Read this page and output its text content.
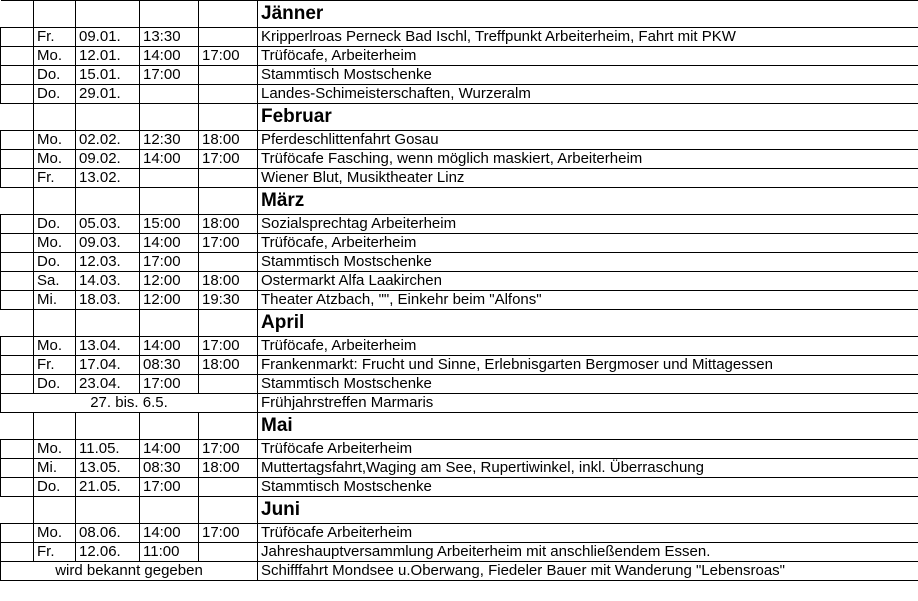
					Jänner
	Fr.	09.01.	13:30		Kripperlroas Perneck Bad Ischl, Treffpunkt Arbeiterheim, Fahrt mit PKW
	Mo.	12.01.	14:00	17:00	Trüföcafe, Arbeiterheim
	Do.	15.01.	17:00		Stammtisch Mostschenke
	Do.	29.01.			Landes-Schimeisterschaften, Wurzeralm
					Februar
	Mo.	02.02.	12:30	18:00	Pferdeschlittenfahrt Gosau
	Mo.	09.02.	14:00	17:00	Trüföcafe Fasching, wenn möglich maskiert, Arbeiterheim
	Fr.	13.02.			Wiener Blut, Musiktheater Linz
					März
	Do.	05.03.	15:00	18:00	Sozialsprechtag Arbeiterheim
	Mo.	09.03.	14:00	17:00	Trüföcafe, Arbeiterheim
	Do.	12.03.	17:00		Stammtisch Mostschenke
	Sa.	14.03.	12:00	18:00	Ostermarkt Alfa Laakirchen
	Mi.	18.03.	12:00	19:30	Theater Atzbach, "", Einkehr beim "Alfons"
					April
	Mo.	13.04.	14:00	17:00	Trüföcafe, Arbeiterheim
	Fr.	17.04.	08:30	18:00	Frankenmarkt: Frucht und Sinne, Erlebnisgarten Bergmoser und Mittagessen
	Do.	23.04.	17:00		Stammtisch Mostschenke
27. bis. 6.5.					Frühjahrstreffen Marmaris
					Mai
	Mo.	11.05.	14:00	17:00	Trüföcafe Arbeiterheim
	Mi.	13.05.	08:30	18:00	Muttertagsfahrt,Waging am See, Rupertiwinkel, inkl. Überraschung
	Do.	21.05.	17:00		Stammtisch Mostschenke
					Juni
	Mo.	08.06.	14:00	17:00	Trüföcafe Arbeiterheim
	Fr.	12.06.	11:00		Jahreshauptversammlung Arbeiterheim mit anschließendem Essen.
wird bekannt gegeben					Schifffahrt Mondsee u.Oberwang, Fiedeler Bauer mit Wanderung "Lebensroas"
